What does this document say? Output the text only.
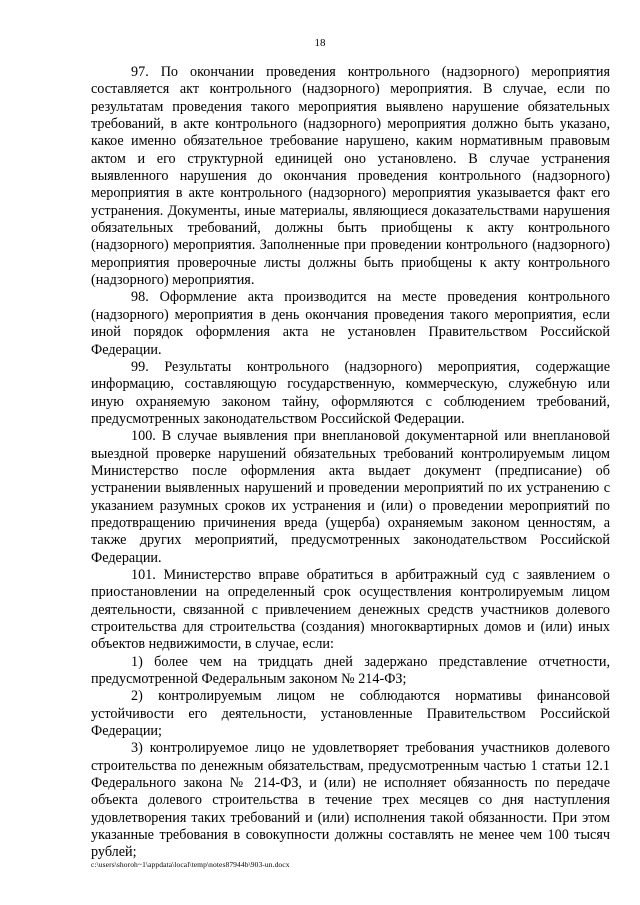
18

97. По окончании проведения контрольного (надзорного) мероприятия составляется акт контрольного (надзорного) мероприятия. В случае, если по результатам проведения такого мероприятия выявлено нарушение обязательных требований, в акте контрольного (надзорного) мероприятия должно быть указано, какое именно обязательное требование нарушено, каким нормативным правовым актом и его структурной единицей оно установлено. В случае устранения выявленного нарушения до окончания проведения контрольного (надзорного) мероприятия в акте контрольного (надзорного) мероприятия указывается факт его устранения. Документы, иные материалы, являющиеся доказательствами нарушения обязательных требований, должны быть приобщены к акту контрольного (надзорного) мероприятия. Заполненные при проведении контрольного (надзорного) мероприятия проверочные листы должны быть приобщены к акту контрольного (надзорного) мероприятия.

98. Оформление акта производится на месте проведения контрольного (надзорного) мероприятия в день окончания проведения такого мероприятия, если иной порядок оформления акта не установлен Правительством Российской Федерации.

99. Результаты контрольного (надзорного) мероприятия, содержащие информацию, составляющую государственную, коммерческую, служебную или иную охраняемую законом тайну, оформляются с соблюдением требований, предусмотренных законодательством Российской Федерации.

100. В случае выявления при внеплановой документарной или внеплановой выездной проверке нарушений обязательных требований контролируемым лицом Министерство после оформления акта выдает документ (предписание) об устранении выявленных нарушений и проведении мероприятий по их устранению с указанием разумных сроков их устранения и (или) о проведении мероприятий по предотвращению причинения вреда (ущерба) охраняемым законом ценностям, а также других мероприятий, предусмотренных законодательством Российской Федерации.

101. Министерство вправе обратиться в арбитражный суд с заявлением о приостановлении на определенный срок осуществления контролируемым лицом деятельности, связанной с привлечением денежных средств участников долевого строительства для строительства (создания) многоквартирных домов и (или) иных объектов недвижимости, в случае, если:

1) более чем на тридцать дней задержано представление отчетности, предусмотренной Федеральным законом № 214-ФЗ;

2) контролируемым лицом не соблюдаются нормативы финансовой устойчивости его деятельности, установленные Правительством Российской Федерации;

3) контролируемое лицо не удовлетворяет требования участников долевого строительства по денежным обязательствам, предусмотренным частью 1 статьи 12.1 Федерального закона № 214-ФЗ, и (или) не исполняет обязанность по передаче объекта долевого строительства в течение трех месяцев со дня наступления удовлетворения таких требований и (или) исполнения такой обязанности. При этом указанные требования в совокупности должны составлять не менее чем 100 тысяч рублей;

c:\users\shoroh~1\appdata\local\temp\notes87944b\903-un.docx
